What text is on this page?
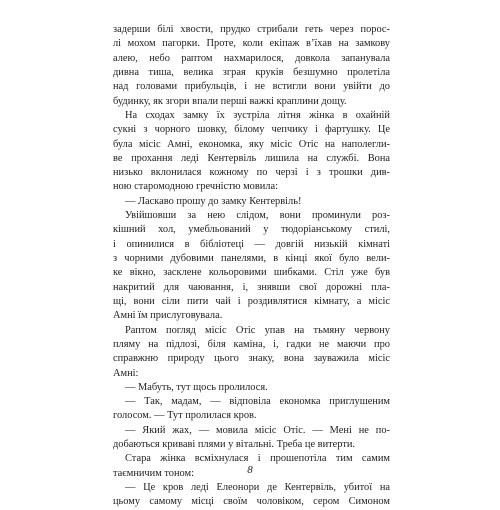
задерши білі хвости, прудко стрибали геть через порос-
лі мохом пагорки. Проте, коли екіпаж в’їхав на замкову
алею, небо раптом нахмарилося, довкола запанувала
дивна тиша, велика зграя круків безшумно пролетіла
над головами прибульців, і не встигли вони увійти до
будинку, як згори впали перші важкі краплини дощу.
На сходах замку їх зустріла літня жінка в охайній
сукні з чорного шовку, білому чепчику і фартушку. Це
була місіс Амні, економка, яку місіс Отіс на наполегли-
ве прохання леді Кентервіль лишила на службі. Вона
низько вклонилася кожному по черзі і з трошки див-
ною старомодною гречністю мовила:
— Ласкаво прошу до замку Кентервіль!
Увійшовши за нею слідом, вони проминули роз-
кішний хол, умебльований у тюдоріанському стилі,
і опинилися в бібліотеці — довгій низькій кімнаті
з чорними дубовими панелями, в кінці якої було вели-
ке вікно, засклене кольоровими шибками. Стіл уже був
накритий для чаювання, і, знявши свої дорожні пла-
щі, вони сіли пити чай і роздивлятися кімнату, а місіс
Амні їм прислуговувала.
Раптом погляд місіс Отіс упав на тьмяну червону
пляму на підлозі, біля каміна, і, гадки не маючи про
справжню природу цього знаку, вона зауважила місіс
Амні:
— Мабуть, тут щось пролилося.
— Так, мадам, — відповіла економка приглушеним
голосом. — Тут пролилася кров.
— Який жах, — мовила місіс Отіс. — Мені не по-
добаються криваві плями у вітальні. Треба це витерти.
Стара жінка всміхнулася і прошепотіла тим самим
таємничим тоном:
— Це кров леді Елеонори де Кентервіль, убитої на
цьому самому місці своїм чоловіком, сером Симоном
8
